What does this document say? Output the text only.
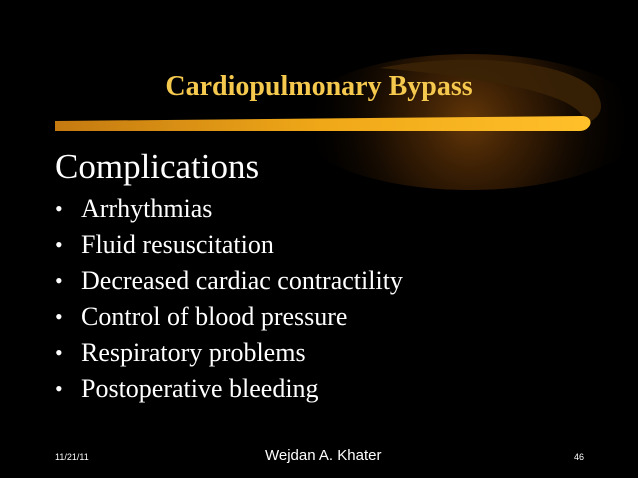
Cardiopulmonary Bypass
Complications
• Arrhythmias
• Fluid resuscitation
• Decreased cardiac contractility
• Control of blood pressure
• Respiratory problems
• Postoperative bleeding
11/21/11	Wejdan A. Khater	46
